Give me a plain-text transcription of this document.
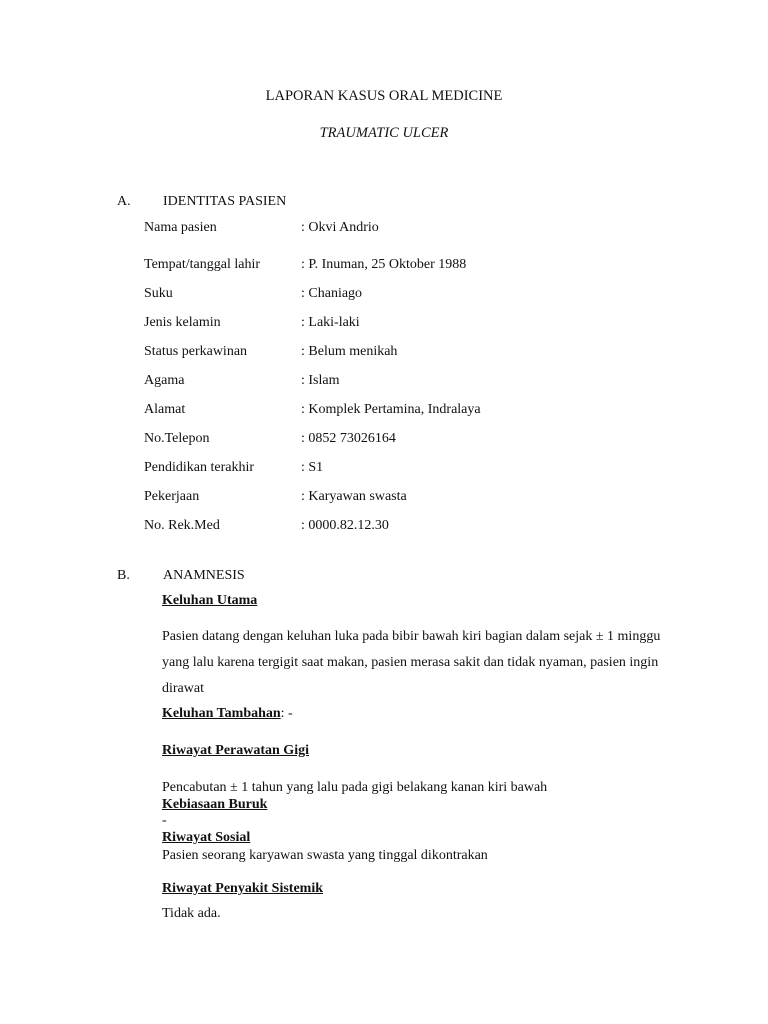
LAPORAN KASUS ORAL MEDICINE
TRAUMATIC ULCER
A. IDENTITAS PASIEN
Nama pasien	: Okvi Andrio
Tempat/tanggal lahir	: P. Inuman, 25 Oktober 1988
Suku	: Chaniago
Jenis kelamin	: Laki-laki
Status perkawinan	: Belum menikah
Agama	: Islam
Alamat	: Komplek Pertamina, Indralaya
No.Telepon	: 0852 73026164
Pendidikan terakhir	: S1
Pekerjaan	: Karyawan swasta
No. Rek.Med	: 0000.82.12.30
B. ANAMNESIS
Keluhan Utama
Pasien datang dengan keluhan luka pada bibir bawah kiri bagian dalam sejak ± 1 minggu yang lalu karena tergigit saat makan, pasien merasa sakit dan tidak nyaman, pasien ingin dirawat
Keluhan Tambahan: -
Riwayat Perawatan Gigi
Pencabutan ± 1 tahun yang lalu pada gigi belakang kanan kiri bawah
Kebiasaan Buruk
-
Riwayat Sosial
Pasien seorang karyawan swasta yang tinggal dikontrakan
Riwayat Penyakit Sistemik
Tidak ada.
